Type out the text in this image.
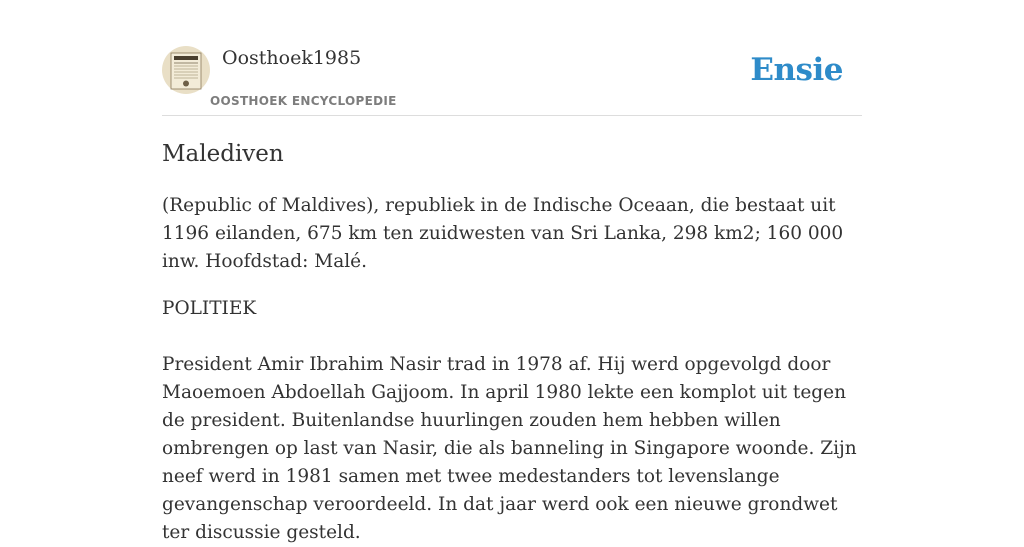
Oosthoek1985
OOSTHOEK ENCYCLOPEDIE
Ensie
Malediven

(Republic of Maldives), republiek in de Indische Oceaan, die bestaat uit 1196 eilanden, 675 km ten zuidwesten van Sri Lanka, 298 km2; 160 000 inw. Hoofdstad: Malé.

POLITIEK

President Amir Ibrahim Nasir trad in 1978 af. Hij werd opgevolgd door Maoemoen Abdoellah Gajjoom. In april 1980 lekte een komplot uit tegen de president. Buitenlandse huurlingen zouden hem hebben willen ombrengen op last van Nasir, die als banneling in Singapore woonde. Zijn neef werd in 1981 samen met twee medestanders tot levenslange gevangenschap veroordeeld. In dat jaar werd ook een nieuwe grondwet ter discussie gesteld.
